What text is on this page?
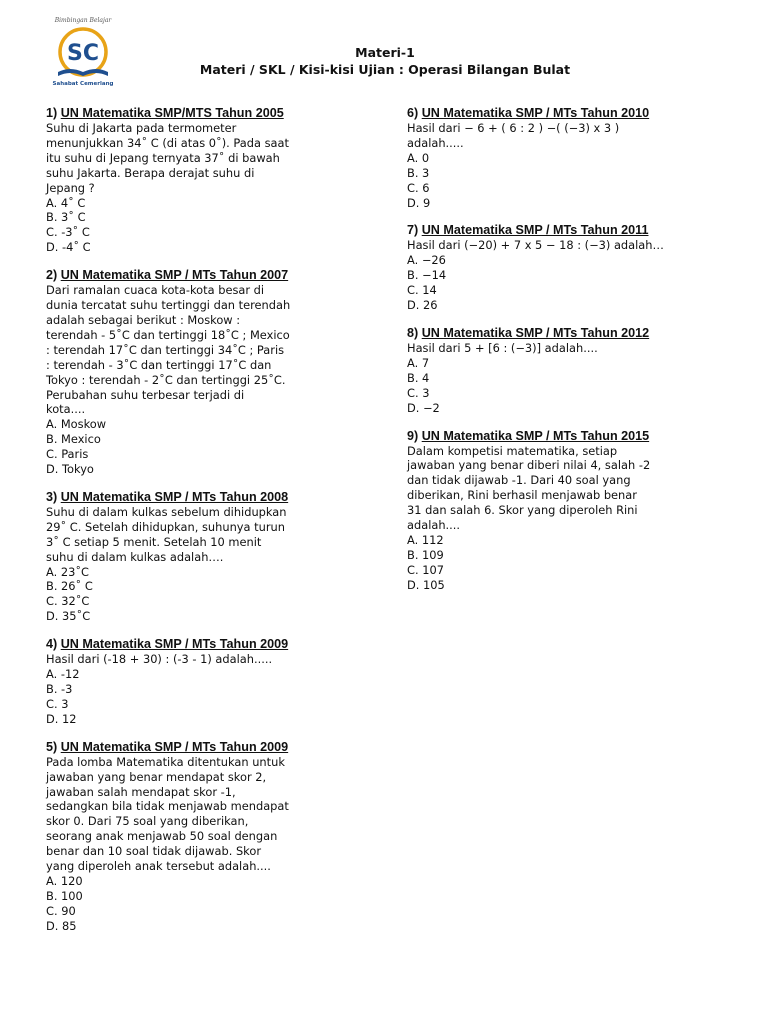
Bimbingan Belajar
SC
Sahabat Cemerlang
Materi-1
Materi / SKL / Kisi-kisi Ujian : Operasi Bilangan Bulat
1) UN Matematika SMP/MTS Tahun 2005
Suhu di Jakarta pada termometer
menunjukkan 34˚ C (di atas 0˚). Pada saat
itu suhu di Jepang ternyata 37˚ di bawah
suhu Jakarta. Berapa derajat suhu di
Jepang ?
A. 4˚ C
B. 3˚ C
C. -3˚ C
D. -4˚ C
2) UN Matematika SMP / MTs Tahun 2007
Dari ramalan cuaca kota-kota besar di
dunia tercatat suhu tertinggi dan terendah
adalah sebagai berikut : Moskow :
terendah - 5˚C dan tertinggi 18˚C ; Mexico
: terendah 17˚C dan tertinggi 34˚C ; Paris
: terendah - 3˚C dan tertinggi 17˚C dan
Tokyo : terendah - 2˚C dan tertinggi 25˚C.
Perubahan suhu terbesar terjadi di
kota....
A. Moskow
B. Mexico
C. Paris
D. Tokyo
3) UN Matematika SMP / MTs Tahun 2008
Suhu di dalam kulkas sebelum dihidupkan
29˚ C. Setelah dihidupkan, suhunya turun
3˚ C setiap 5 menit. Setelah 10 menit
suhu di dalam kulkas adalah….
A. 23˚C
B. 26˚ C
C. 32˚C
D. 35˚C
4) UN Matematika SMP / MTs Tahun 2009
Hasil dari (-18 + 30) : (-3 - 1) adalah.....
A. -12
B. -3
C. 3
D. 12
5) UN Matematika SMP / MTs Tahun 2009
Pada lomba Matematika ditentukan untuk
jawaban yang benar mendapat skor 2,
jawaban salah mendapat skor -1,
sedangkan bila tidak menjawab mendapat
skor 0. Dari 75 soal yang diberikan,
seorang anak menjawab 50 soal dengan
benar dan 10 soal tidak dijawab. Skor
yang diperoleh anak tersebut adalah....
A. 120
B. 100
C. 90
D. 85
6) UN Matematika SMP / MTs Tahun 2010
Hasil dari − 6 + ( 6 : 2 ) −( (−3) x 3 )
adalah.....
A. 0
B. 3
C. 6
D. 9
7) UN Matematika SMP / MTs Tahun 2011
Hasil dari (−20) + 7 x 5 − 18 : (−3) adalah…
A. −26
B. −14
C. 14
D. 26
8) UN Matematika SMP / MTs Tahun 2012
Hasil dari 5 + [6 : (−3)] adalah....
A. 7
B. 4
C. 3
D. −2
9) UN Matematika SMP / MTs Tahun 2015
Dalam kompetisi matematika, setiap
jawaban yang benar diberi nilai 4, salah -2
dan tidak dijawab -1. Dari 40 soal yang
diberikan, Rini berhasil menjawab benar
31 dan salah 6. Skor yang diperoleh Rini
adalah....
A. 112
B. 109
C. 107
D. 105
